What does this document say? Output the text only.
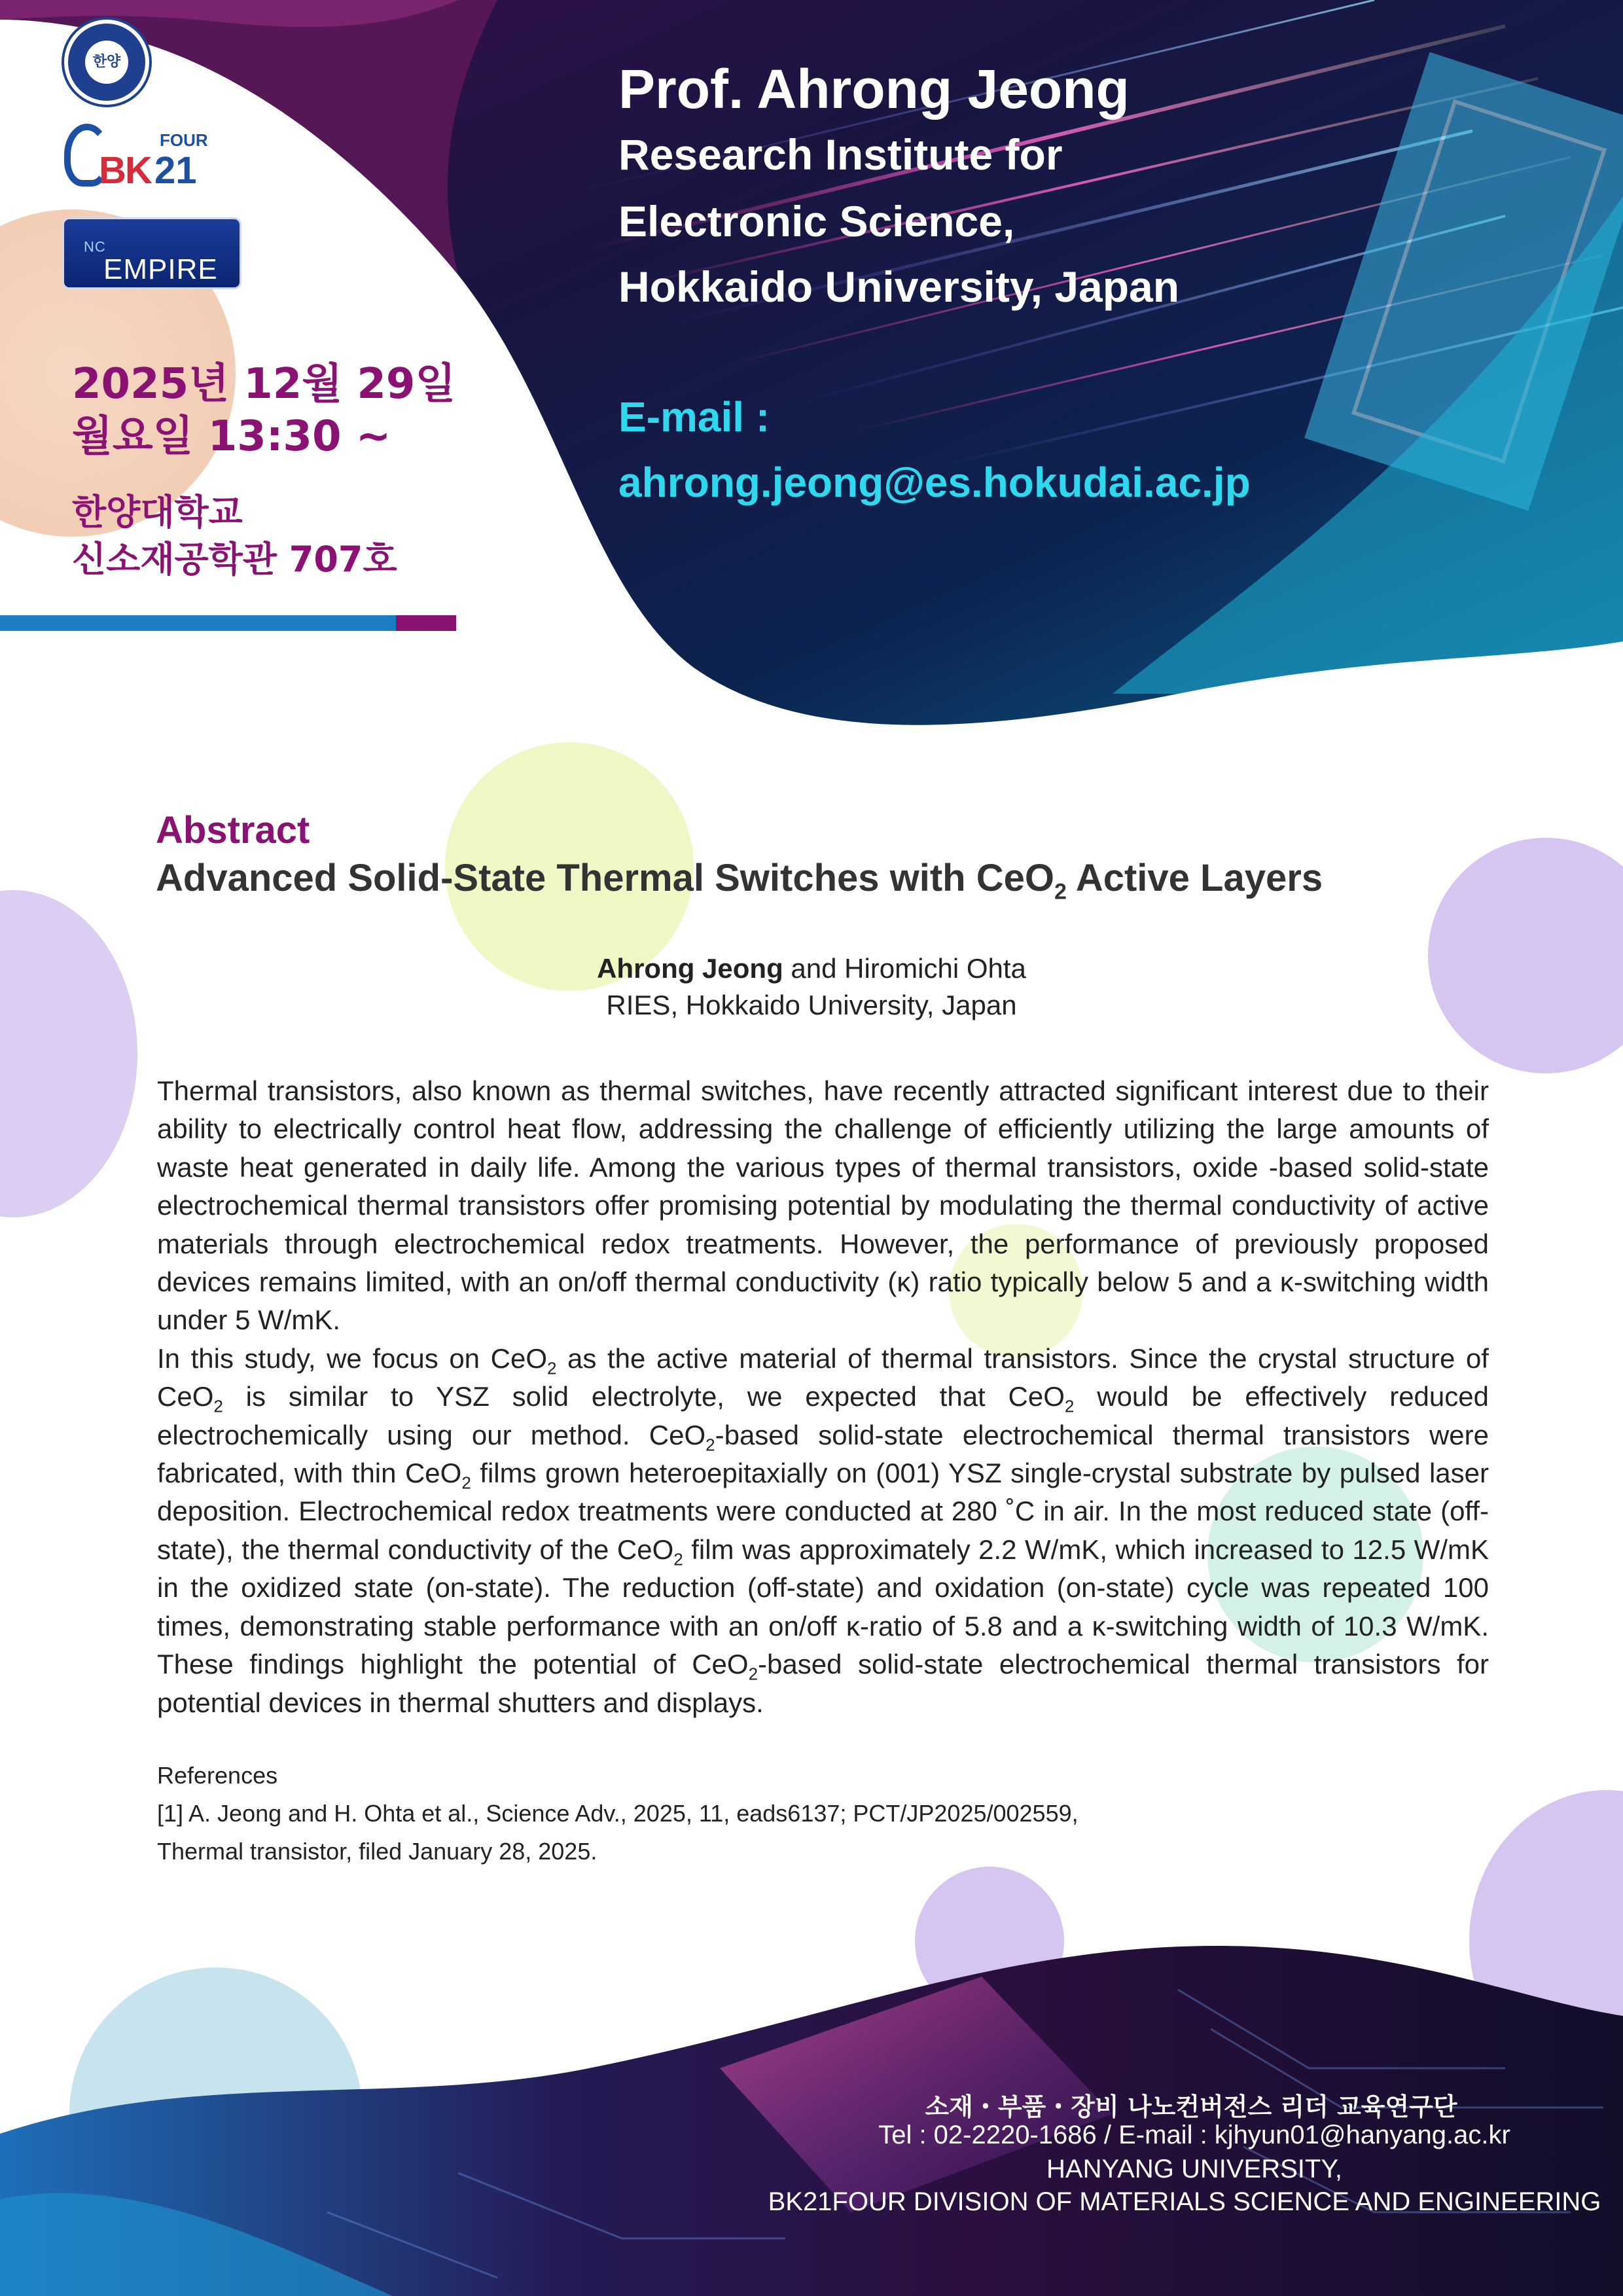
한양
FOUR
BK 21
EMPIRE
$^{NC}$
2025년 12월 29일
월요일 13:30 ~
한양대학교
신소재공학관 707호
Prof. Ahrong Jeong
Research Institute for
Electronic Science,
Hokkaido University, Japan
E-mail :
ahrong.jeong@es.hokudai.ac.jp
Abstract
Advanced Solid-State Thermal Switches with CeO$_2$ Active Layers
Ahrong Jeong and Hiromichi Ohta
RIES, Hokkaido University, Japan

Thermal transistors, also known as thermal switches, have recently attracted significant interest due to their ability to electrically control heat flow, addressing the challenge of efficiently utilizing the large amounts of waste heat generated in daily life. Among the various types of thermal transistors, oxide -based solid-state electrochemical thermal transistors offer promising potential by modulating the thermal conductivity of active materials through electrochemical redox treatments. However, the performance of previously proposed devices remains limited, with an on/off thermal conductivity (κ) ratio typically below 5 and a κ-switching width under 5 W/mK.

In this study, we focus on CeO$_2$ as the active material of thermal transistors. Since the crystal structure of CeO$_2$ is similar to YSZ solid electrolyte, we expected that CeO$_2$ would be effectively reduced electrochemically using our method. CeO$_2$-based solid-state electrochemical thermal transistors were fabricated, with thin CeO$_2$ films grown heteroepitaxially on (001) YSZ single-crystal substrate by pulsed laser deposition. Electrochemical redox treatments were conducted at 280 ˚C in air. In the most reduced state (off-state), the thermal conductivity of the CeO$_2$ film was approximately 2.2 W/mK, which increased to 12.5 W/mK in the oxidized state (on-state). The reduction (off-state) and oxidation (on-state) cycle was repeated 100 times, demonstrating stable performance with an on/off κ-ratio of 5.8 and a κ-switching width of 10.3 W/mK. These findings highlight the potential of CeO$_2$-based solid-state electrochemical thermal transistors for potential devices in thermal shutters and displays.

References
[1] A. Jeong and H. Ohta et al., Science Adv., 2025, 11, eads6137; PCT/JP2025/002559,
Thermal transistor, filed January 28, 2025.
소재・부품・장비 나노컨버전스 리더 교육연구단
Tel : 02-2220-1686 / E-mail : kjhyun01@hanyang.ac.kr
HANYANG UNIVERSITY,
BK21FOUR DIVISION OF MATERIALS SCIENCE AND ENGINEERING
